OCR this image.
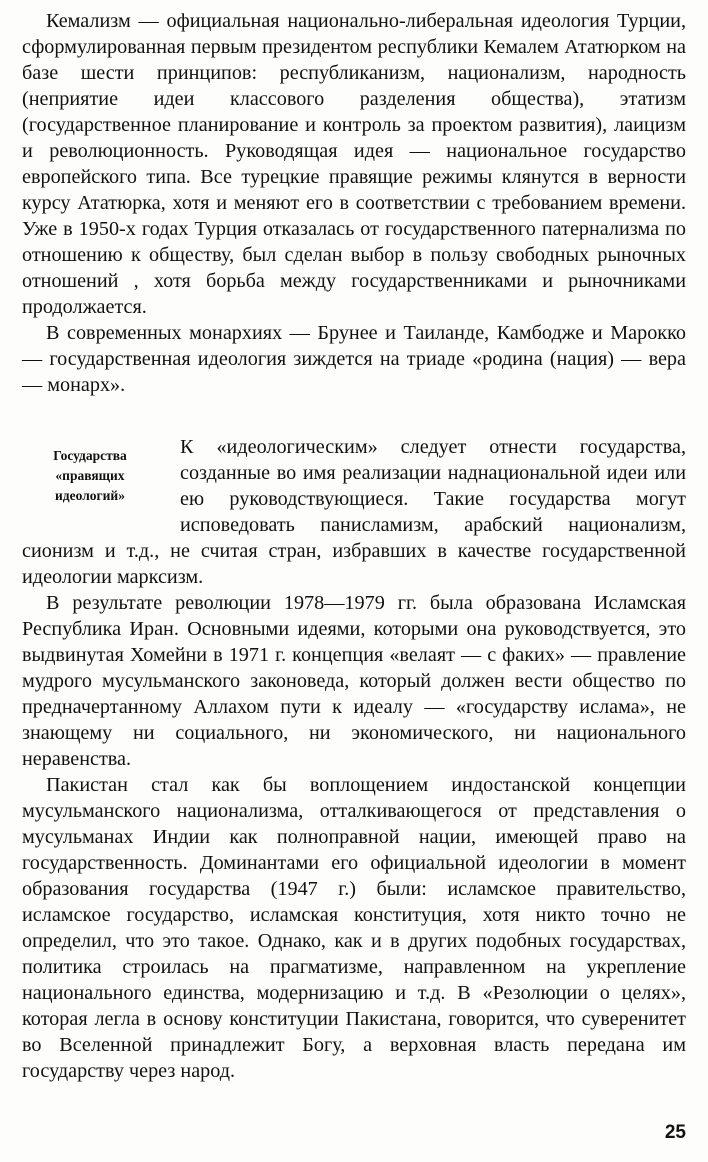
Кемализм — официальная национально-либеральная идеология Турции, сформулированная первым президентом республики Кемалем Ататюрком на базе шести принципов: республиканизм, национализм, народность (неприятие идеи классового разделения общества), этатизм (государственное планирование и контроль за проектом развития), лаицизм и революционность. Руководящая идея — национальное государство европейского типа. Все турецкие правящие режимы клянутся в верности курсу Ататюрка, хотя и меняют его в соответствии с требованием времени. Уже в 1950-х годах Турция отказалась от государственного патернализма по отношению к обществу, был сделан выбор в пользу свободных рыночных отношений , хотя борьба между государственниками и рыночниками продолжается.

В современных монархиях — Брунее и Таиланде, Камбодже и Марокко — государственная идеология зиждется на триаде «родина (нация) — вера — монарх».

Государства
«правящих
идеологий»

К «идеологическим» следует отнести государства, созданные во имя реализации наднациональной идеи или ею руководствующиеся. Такие государства могут исповедовать панисламизм, арабский национализм, сионизм и т.д., не считая стран, избравших в качестве государственной идеологии марксизм.

В результате революции 1978—1979 гг. была образована Исламская Республика Иран. Основными идеями, которыми она руководствуется, это выдвинутая Хомейни в 1971 г. концепция «велаят — с факих» — правление мудрого мусульманского законоведа, который должен вести общество по предначертанному Аллахом пути к идеалу — «государству ислама», не знающему ни социального, ни экономического, ни национального неравенства.

Пакистан стал как бы воплощением индостанской концепции мусульманского национализма, отталкивающегося от представления о мусульманах Индии как полноправной нации, имеющей право на государственность. Доминантами его официальной идеологии в момент образования государства (1947 г.) были: исламское правительство, исламское государство, исламская конституция, хотя никто точно не определил, что это такое. Однако, как и в других подобных государствах, политика строилась на прагматизме, направленном на укрепление национального единства, модернизацию и т.д. В «Резолюции о целях», которая легла в основу конституции Пакистана, говорится, что суверенитет во Вселенной принадлежит Богу, а верховная власть передана им государству через народ.

25
